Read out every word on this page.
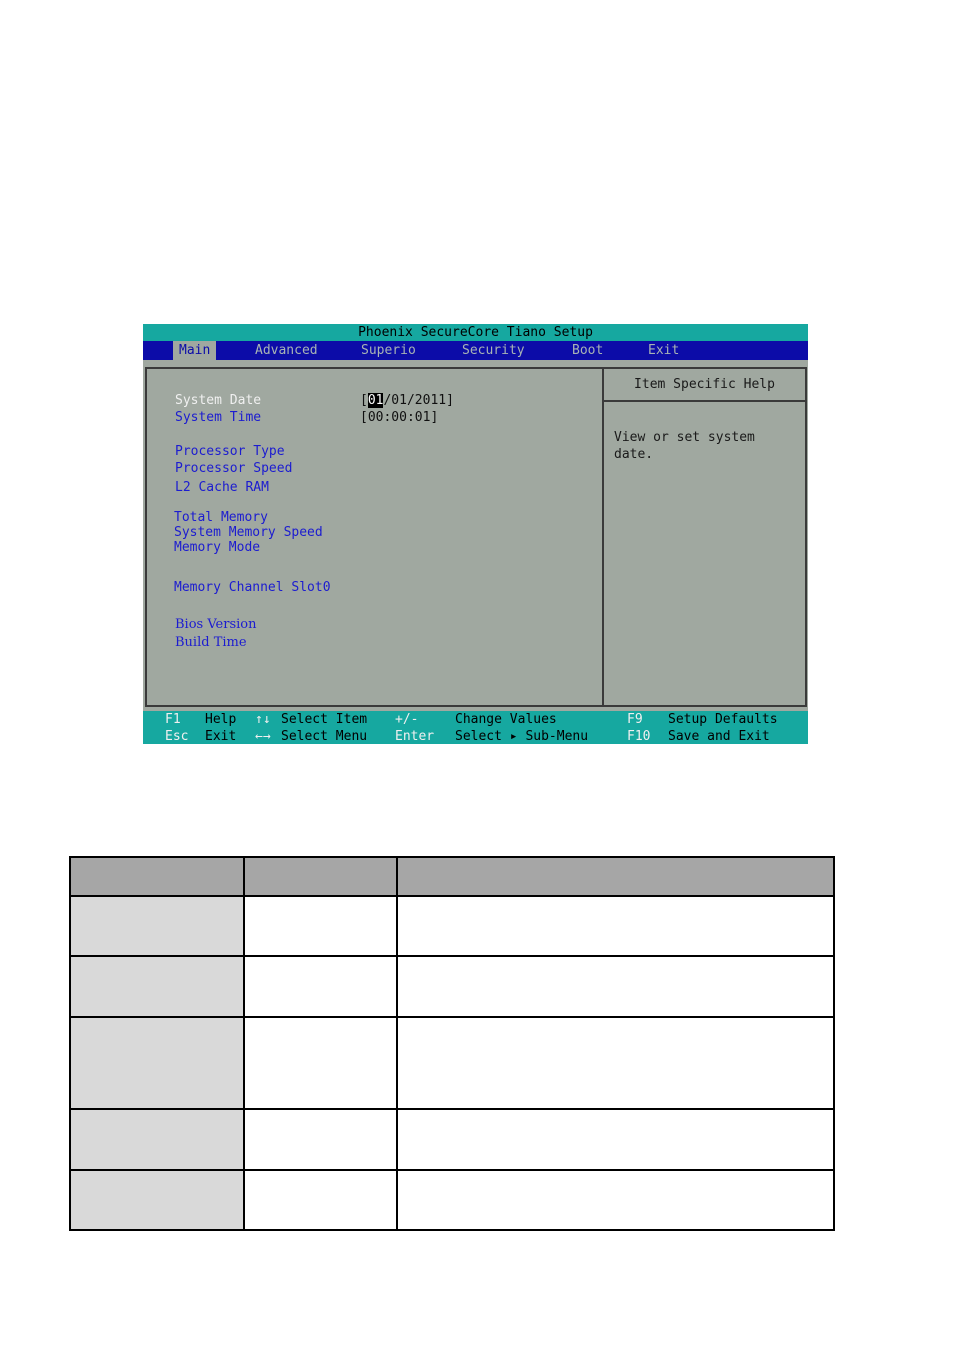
Phoenix SecureCore Tiano Setup
Main	Advanced	Superio	Security	Boot	Exit
System Date	[01/01/2011]
System Time	[00:00:01]
Processor Type
Processor Speed
L2 Cache RAM
Total Memory
System Memory Speed
Memory Mode
Memory Channel Slot0
Bios Version
Build Time
Item Specific Help
View or set system
date.
F1 Help ↑↓ Select Item +/-	Change Values	F9 Setup Defaults
Esc Exit ←→ Select Menu Enter Select ▸ Sub-Menu	F10 Save and Exit
